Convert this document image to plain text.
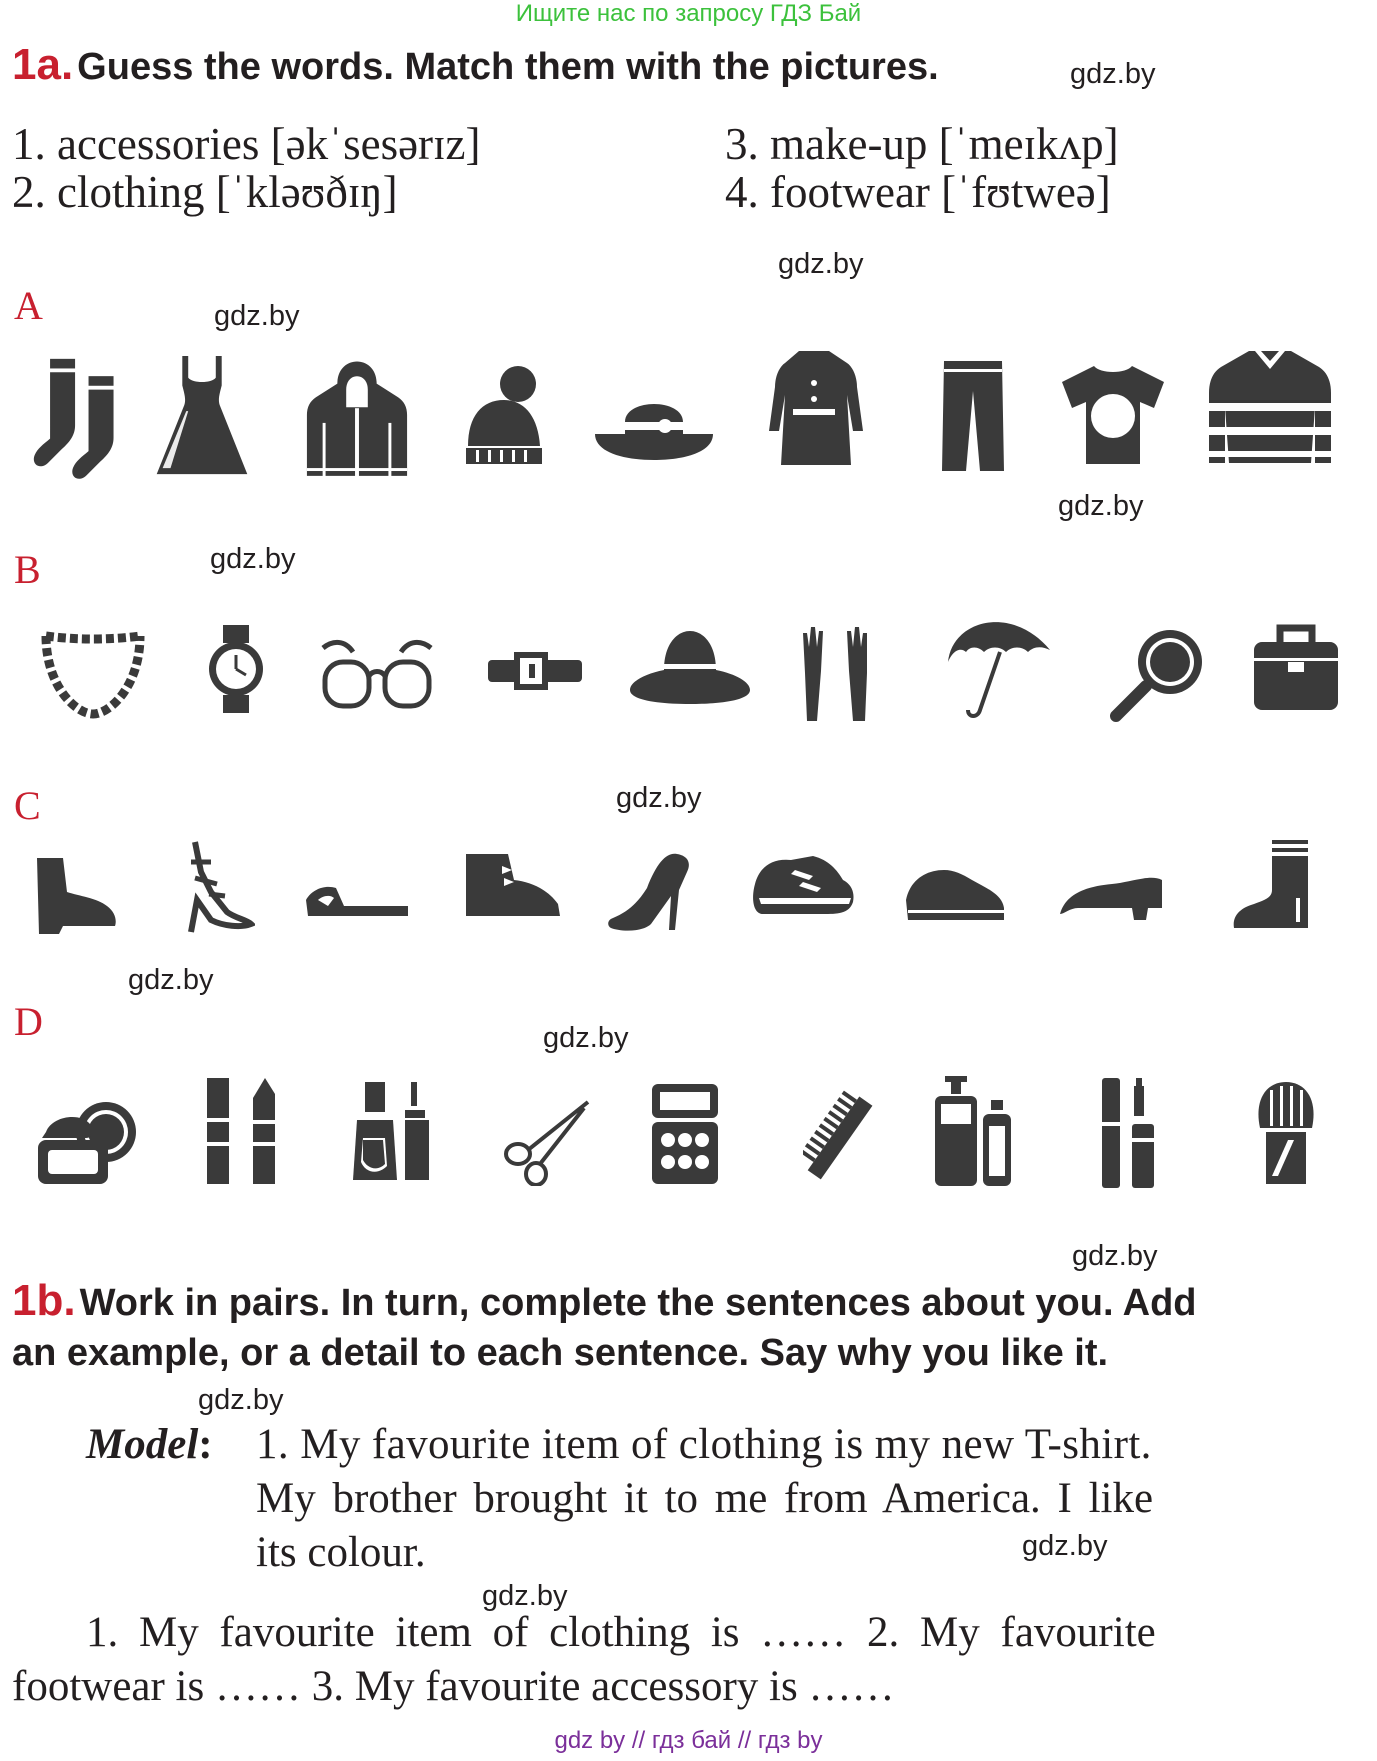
Ищите нас по запросу ГДЗ Бай
1a. Guess the words. Match them with the pictures.	gdz.by
1. accessories [əkˈsesərɪz]
2. clothing [ˈkləʊðɪŋ]
3. make-up [ˈmeɪkʌp]
4. footwear [ˈfʊtweə]
gdz.by
A	gdz.by
gdz.by
B	gdz.by
C	gdz.by
gdz.by
D	gdz.by
gdz.by
1b. Work in pairs. In turn, complete the sentences about you. Add
an example, or a detail to each sentence. Say why you like it.
gdz.by
Model: 1. My favourite item of clothing is my new T-shirt.
My brother brought it to me from America. I like
its colour.	gdz.by
gdz.by
1. My favourite item of clothing is …… 2. My favourite
footwear is …… 3. My favourite accessory is ……
gdz by // гдз бай // гдз by
